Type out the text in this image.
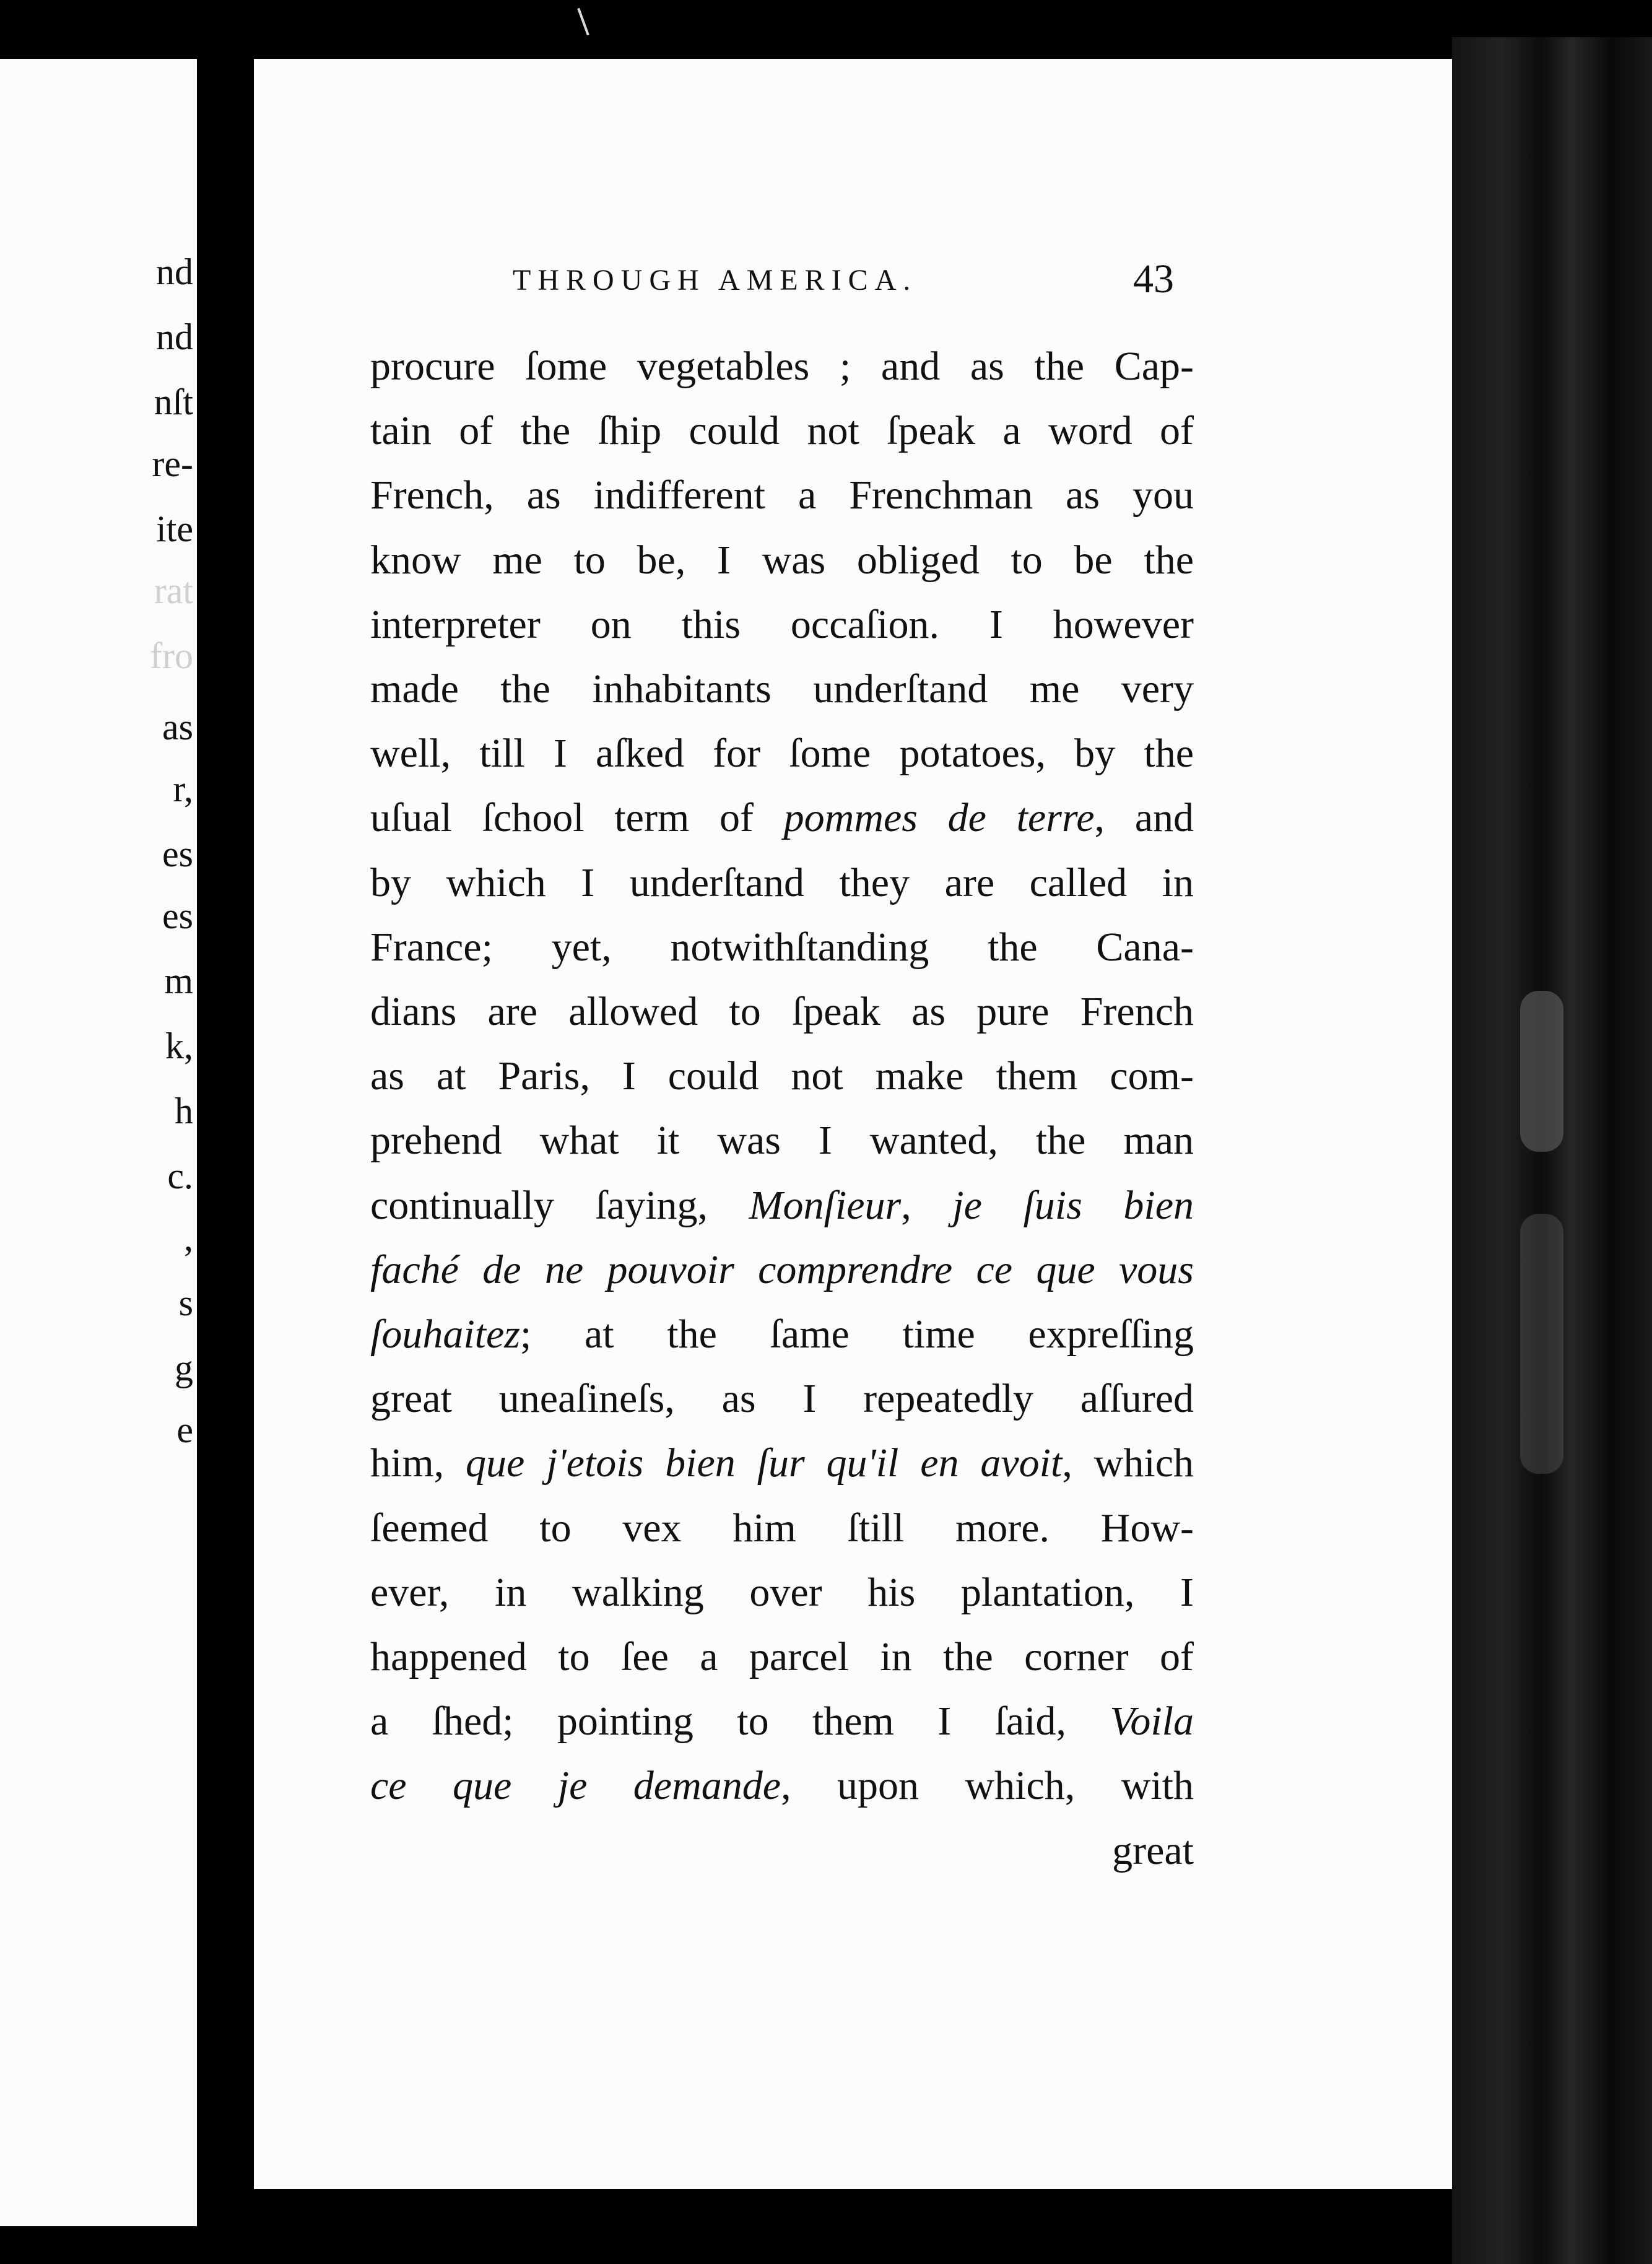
nd

nd

nſt

re-

ite

rat

fro

as

r,

es

es

m

k,

h

c.

,

s

g

e

THROUGH AMERICA.	43

procure ſome vegetables ; and as the Cap-

tain of the ſhip could not ſpeak a word of

French, as indifferent a Frenchman as you

know me to be, I was obliged to be the

interpreter on this occaſion. I however

made the inhabitants underſtand me very

well, till I aſked for ſome potatoes, by the

uſual ſchool term of pommes de terre, and

by which I underſtand they are called in

France; yet, notwithſtanding the Cana-

dians are allowed to ſpeak as pure French

as at Paris, I could not make them com-

prehend what it was I wanted, the man

continually ſaying, Monſieur, je ſuis bien

faché de ne pouvoir comprendre ce que vous

ſouhaitez; at the ſame time expreſſing

great uneaſineſs, as I repeatedly aſſured

him, que j'etois bien ſur qu'il en avoit, which

ſeemed to vex him ſtill more. How-

ever, in walking over his plantation, I

happened to ſee a parcel in the corner of

a ſhed; pointing to them I ſaid, Voila

ce que je demande, upon which, with

great
